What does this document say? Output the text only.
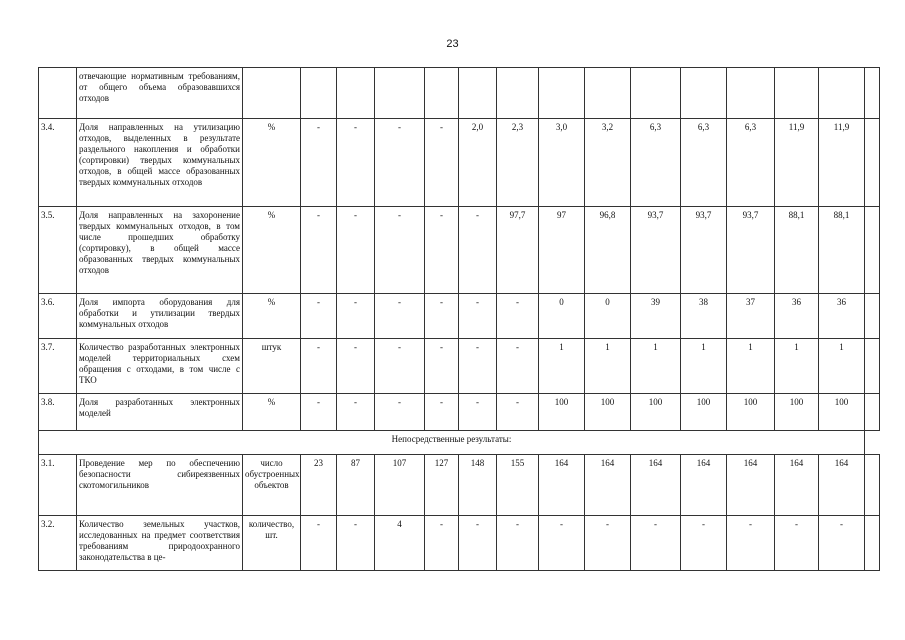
23
	отвечающие нормативным требованиям, от общего объема образовавшихся отходов															
3.4.	Доля направленных на утилизацию отходов, выделенных в результате раздельного накопления и обработки (сортировки) твердых коммунальных отходов, в общей массе образованных твердых коммунальных отходов	%	-	-	-	-	2,0	2,3	3,0	3,2	6,3	6,3	6,3	11,9	11,9	
3.5.	Доля направленных на захоронение твердых коммунальных отходов, в том числе прошедших обработку (сортировку), в общей массе образованных твердых коммунальных отходов	%	-	-	-	-	-	97,7	97	96,8	93,7	93,7	93,7	88,1	88,1	
3.6.	Доля импорта оборудования для обработки и утилизации твердых коммунальных отходов	%	-	-	-	-	-	-	0	0	39	38	37	36	36	
3.7.	Количество разработанных электронных моделей территориальных схем обращения с отходами, в том числе с ТКО	штук	-	-	-	-	-	-	1	1	1	1	1	1	1	
3.8.	Доля разработанных электронных моделей	%	-	-	-	-	-	-	100	100	100	100	100	100	100	
Непосредственные результаты:																
3.1.	Проведение мер по обеспечению безопасности сибиреязвенных скотомогильников	число обустроенных объектов	23	87	107	127	148	155	164	164	164	164	164	164	164	
3.2.	Количество земельных участков, исследованных на предмет соответствия требованиям природоохранного законодательства в це-	количество, шт.	-	-	4	-	-	-	-	-	-	-	-	-	-	
